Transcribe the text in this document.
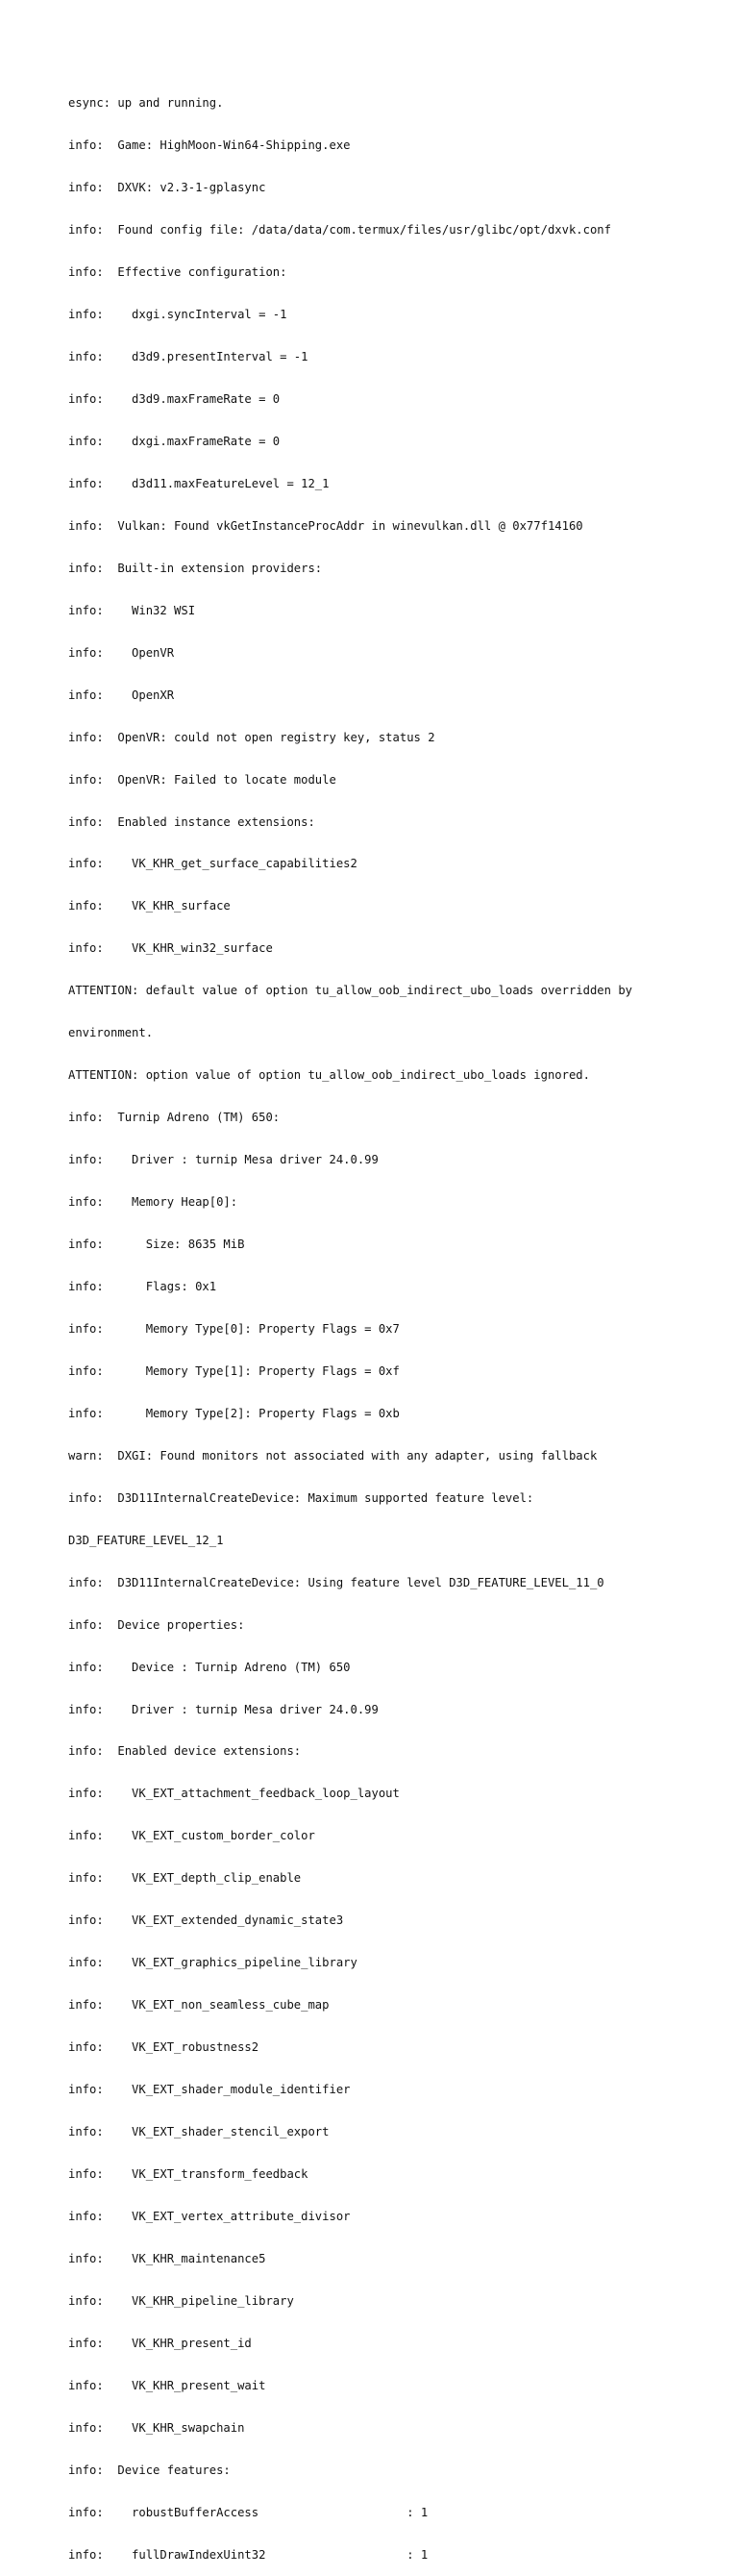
esync: up and running.

info:  Game: HighMoon-Win64-Shipping.exe

info:  DXVK: v2.3-1-gplasync

info:  Found config file: /data/data/com.termux/files/usr/glibc/opt/dxvk.conf

info:  Effective configuration:

info:    dxgi.syncInterval = -1

info:    d3d9.presentInterval = -1

info:    d3d9.maxFrameRate = 0

info:    dxgi.maxFrameRate = 0

info:    d3d11.maxFeatureLevel = 12_1

info:  Vulkan: Found vkGetInstanceProcAddr in winevulkan.dll @ 0x77f14160

info:  Built-in extension providers:

info:    Win32 WSI

info:    OpenVR

info:    OpenXR

info:  OpenVR: could not open registry key, status 2

info:  OpenVR: Failed to locate module

info:  Enabled instance extensions:

info:    VK_KHR_get_surface_capabilities2

info:    VK_KHR_surface

info:    VK_KHR_win32_surface

ATTENTION: default value of option tu_allow_oob_indirect_ubo_loads overridden by

environment.

ATTENTION: option value of option tu_allow_oob_indirect_ubo_loads ignored.

info:  Turnip Adreno (TM) 650:

info:    Driver : turnip Mesa driver 24.0.99

info:    Memory Heap[0]:

info:      Size: 8635 MiB

info:      Flags: 0x1

info:      Memory Type[0]: Property Flags = 0x7

info:      Memory Type[1]: Property Flags = 0xf

info:      Memory Type[2]: Property Flags = 0xb

warn:  DXGI: Found monitors not associated with any adapter, using fallback

info:  D3D11InternalCreateDevice: Maximum supported feature level:

D3D_FEATURE_LEVEL_12_1

info:  D3D11InternalCreateDevice: Using feature level D3D_FEATURE_LEVEL_11_0

info:  Device properties:

info:    Device : Turnip Adreno (TM) 650

info:    Driver : turnip Mesa driver 24.0.99

info:  Enabled device extensions:

info:    VK_EXT_attachment_feedback_loop_layout

info:    VK_EXT_custom_border_color

info:    VK_EXT_depth_clip_enable

info:    VK_EXT_extended_dynamic_state3

info:    VK_EXT_graphics_pipeline_library

info:    VK_EXT_non_seamless_cube_map

info:    VK_EXT_robustness2

info:    VK_EXT_shader_module_identifier

info:    VK_EXT_shader_stencil_export

info:    VK_EXT_transform_feedback

info:    VK_EXT_vertex_attribute_divisor

info:    VK_KHR_maintenance5

info:    VK_KHR_pipeline_library

info:    VK_KHR_present_id

info:    VK_KHR_present_wait

info:    VK_KHR_swapchain

info:  Device features:

info:    robustBufferAccess                     : 1

info:    fullDrawIndexUint32                    : 1
